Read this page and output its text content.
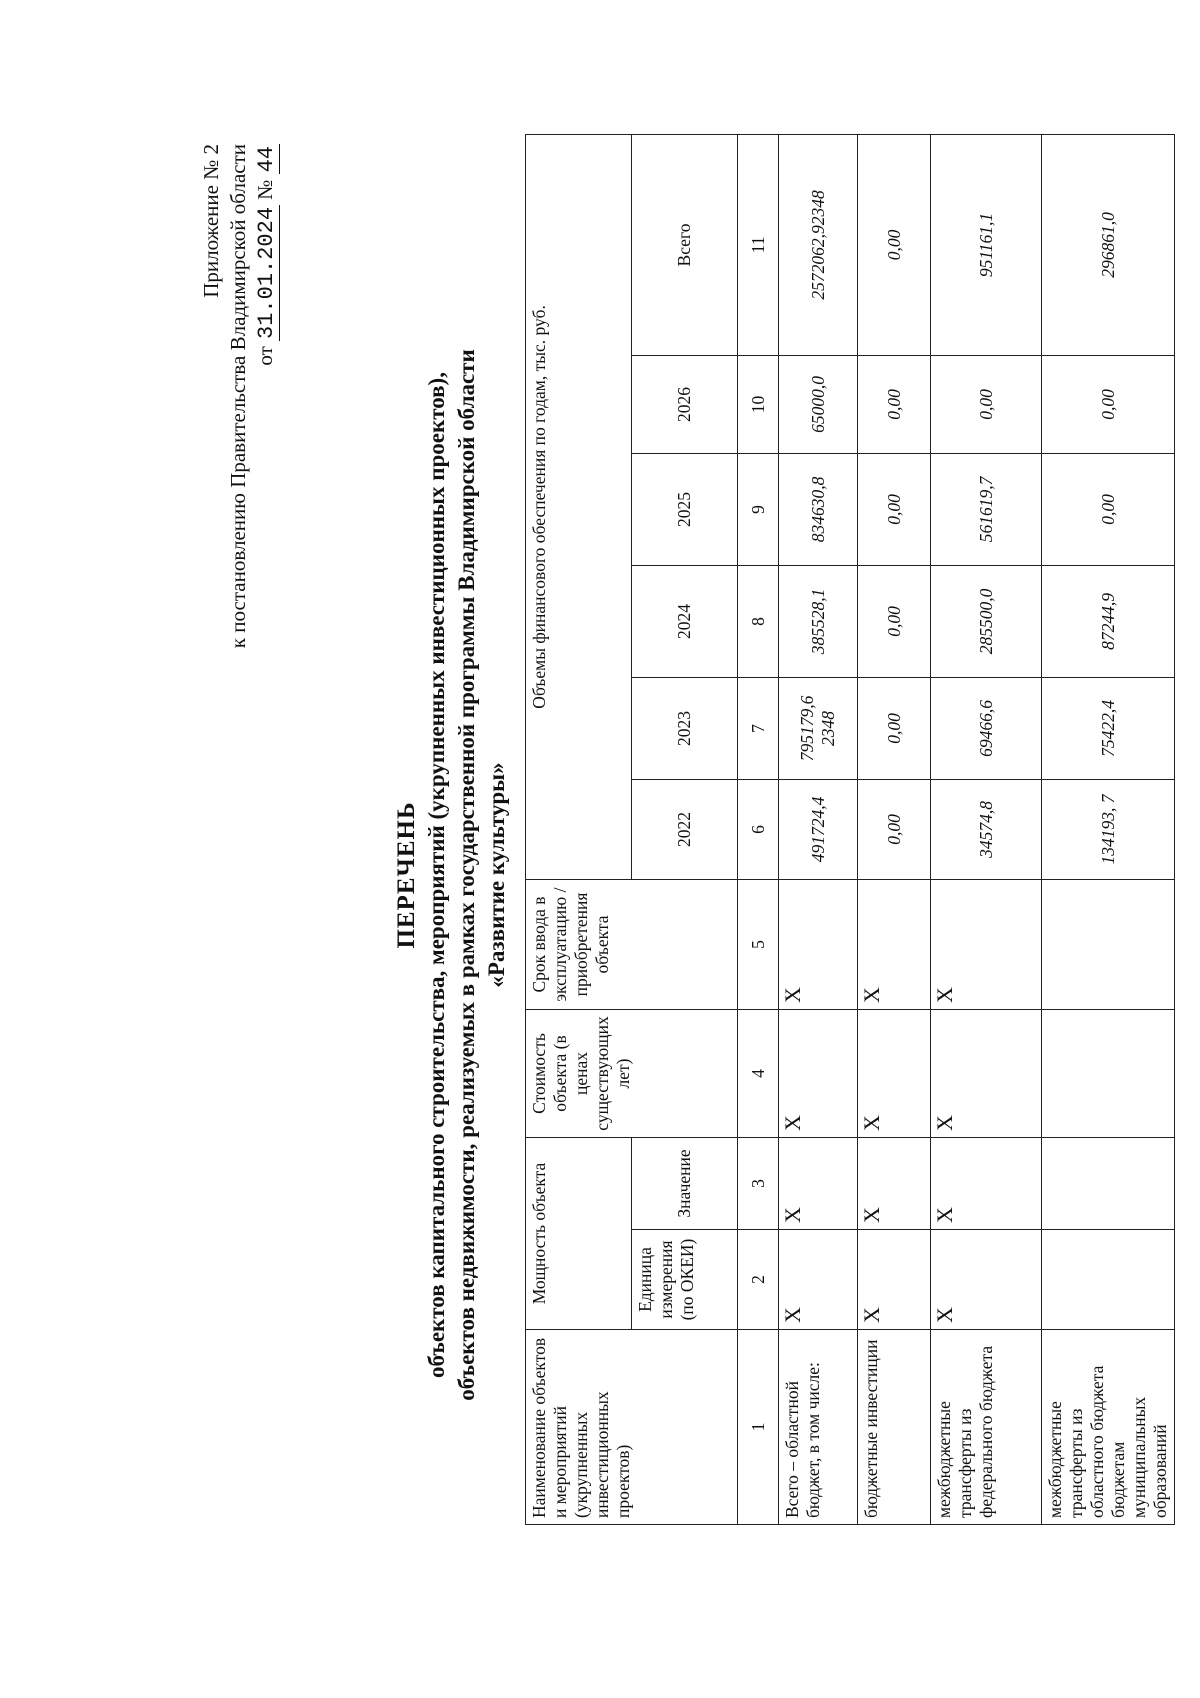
Приложение № 2 к постановлению Правительства Владимирской области от 31.01.2024 № 44
ПЕРЕЧЕНЬ объектов капитального строительства, мероприятий (укрупненных инвестиционных проектов), объектов недвижимости, реализуемых в рамках государственной программы Владимирской области «Развитие культуры»
Наименование объектов и мероприятий (укрупненных инвестиционных проектов)	Мощность объекта		Стоимость объекта (в ценах существующих лет)	Срок ввода в эксплуатацию / приобретения объекта	Объемы финансового обеспечения по годам, тыс. руб.					
	Единица измерения (по ОКЕИ)	Значение			2022	2023	2024	2025	2026	Всего
1	2	3	4	5	6	7	8	9	10	11
Всего – областной бюджет, в том числе:	X	X	X	X	491724,4	795179,6 2348	385528,1	834630,8	65000,0	2572062,92348
бюджетные инвестиции	X	X	X	X	0,00	0,00	0,00	0,00	0,00	0,00
межбюджетные трансферты из федерального бюджета	X	X	X	X	34574,8	69466,6	285500,0	561619,7	0,00	951161,1
межбюджетные трансферты из областного бюджета бюджетам муниципальных образований					134193, 7	75422,4	87244,9	0,00	0,00	296861,0
